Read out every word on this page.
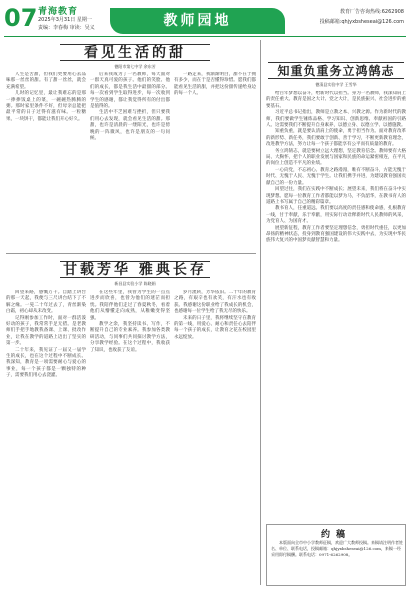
07 青海教育
2025年3月31日 星期一
责编：李春梅 审读：吴义	教师园地
教育厂告咨询热线:6262908
投稿邮箱:qhjyxbsheseai@126.com
看见生活的甜
德阳市第七中学 余东芳

人生是苦甜，但我们更要用心去品味那一丝丝的甜。有了甜一丝丝，就会充满希望。

儿时的记忆里，最让我难忘的是那一捧捧饭桌上的菜，一碗碗热腾腾的粥。那时家里条件不好，但母亲总能把最平常的日子过得有滋有味。一粒糖果、一块饼干，都能让我们开心好久。

后来我成为了一名教师，每天面对一群天真可爱的孩子。他们的笑脸、他们的成长，都是我生活中最甜的部分。每一次看到学生取得进步，每一次收到学生的感谢，都让我觉得所有的付出都是值得的。

生活中不乏困难与挫折，但只要我们用心去发现，就会看见生活的甜。那甜，也许是清晨的一缕阳光，也许是傍晚的一阵微风，也许是朋友的一句问候。

一路走来，我渐渐明白，甜不在于拥有多少，而在于是否懂得珍惜。愿我们都能看见生活的甜，并把这份甜传递给身边的每一个人。

甘载芳华 雅典长存
新昌县实验小学 陈晓娟

回望来路，感慨万千。自踏上讲台的那一天起，我便与三尺讲台结下了不解之缘。一晃二十年过去了，青丝渐染白霜，初心却从未改变。

记得刚参加工作时，面对一群活泼好动的孩子，我常常手足无措。是老教师们手把手地教我备课、上课、批改作业，让我在教学的道路上迈出了坚实的第一步。

二十年来，我见证了一届又一届学生的成长，也在这个过程中不断成长。我深知，教育是一项需要耐心与爱心的事业，每一个孩子都是一颗独特的种子，需要我们用心去浇灌。

在这些年里，我曾为学生的一点点进步而欣喜，也曾为他们的迷茫而担忧。我陪伴他们走过了春夏秋冬，看着他们从懵懂走向成熟，从稚嫩变得坚强。

教学之余，我坚持读书、写作，不断提升自己的专业素养。我参加各类教研活动，与同事们共同探讨教学方法，分享教学经验。在这个过程中，我收获了知识，也收获了友谊。

岁月流转，芳华依旧。二十年的教育之路，有艰辛也有欢笑，有汗水也有收获。我感谢这份职业给了我成长的机会，也感谢每一位学生给了我无尽的快乐。

未来的日子里，我将继续坚守在教育的第一线，用爱心、耐心和责任心去陪伴每一个孩子的成长，让教育之花在校园里永远绽放。

知重负重务立鸿鹄志
德清县实验中学 王雪华

给百年梦想以奋斗，给新时代以担当。身为一名教师，我深知肩上的责任重大。教育是国之大计、党之大计，是民族振兴、社会进步的重要基石。

习近平总书记指出，教师是立教之本、兴教之源。作为新时代的教师，我们要做学生锤炼品格、学习知识、创新思维、奉献祖国的引路人。这需要我们不断提升自身素养，以德立身、以德立学、以德施教。

知重负重，就是要认清肩上的使命，勇于担当作为。面对教育改革的新形势、新任务，我们要敢于创新、善于学习，不断更新教育理念，改进教学方法，努力让每一个孩子都能享有公平而有质量的教育。

务立鸿鹄志，就是要树立远大理想，坚定教育信念。教师要有大格局、大胸怀，把个人的职业发展与国家和民族的命运紧密相连，在平凡的岗位上创造不平凡的业绩。

一心向党，不忘初心。教育之路漫漫，唯有不断奋斗，方能无愧于时代、无愧于人民、无愧于学生。让我们携手并进，为建设教育强国贡献自己的一份力量。

回望过往，我们在实践中不断成长；展望未来，我们将在奋斗中实现梦想。愿每一位教育工作者都能以梦为马，不负韶华，在教书育人的道路上书写属于自己的精彩篇章。

教书育人，任重道远。我们要以高度的责任感和使命感，扎根教育一线，甘于奉献，乐于奉献，用实际行动诠释新时代人民教师的风采，为党育人、为国育才。

展望新征程，教育工作者要坚定理想信念，勇担时代重任，以更加昂扬的精神状态，投身到教育强国建设的伟大实践中去，为实现中华民族伟大复兴的中国梦贡献智慧和力量。

约稿
本版面向全市中小学教师征稿，欢迎广大教师投稿。来稿请注明作者姓名、单位、联系电话，投稿邮箱：qhjyxbsheseai@126.com，来稿一经采用即付稿酬。联系电话：0971-6262908。
